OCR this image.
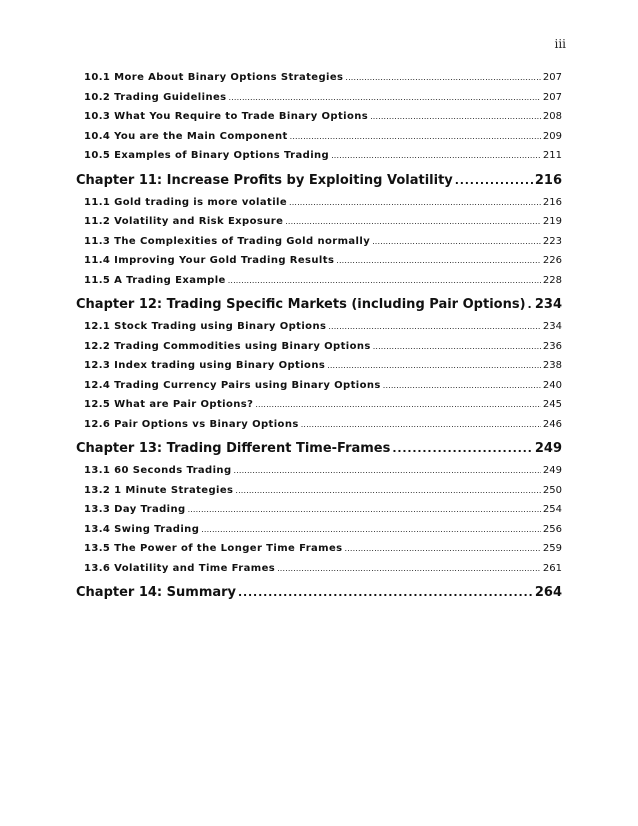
iii
10.1 More About Binary Options Strategies . . .	207
10.2 Trading Guidelines . . .	207
10.3 What You Require to Trade Binary Options . . .	208
10.4 You are the Main Component . . .	209
10.5 Examples of Binary Options Trading . . .	211
Chapter 11: Increase Profits by Exploiting Volatility . . .	216
11.1 Gold trading is more volatile . . .	216
11.2 Volatility and Risk Exposure . . .	219
11.3 The Complexities of Trading Gold normally . . .	223
11.4 Improving Your Gold Trading Results . . .	226
11.5 A Trading Example . . .	228
Chapter 12: Trading Specific Markets (including Pair Options) . . . 234
12.1 Stock Trading using Binary Options . . .	234
12.2 Trading Commodities using Binary Options . . .	236
12.3 Index trading using Binary Options . . .	238
12.4 Trading Currency Pairs using Binary Options . . .	240
12.5 What are Pair Options? . . .	245
12.6 Pair Options vs Binary Options . . .	246
Chapter 13: Trading Different Time-Frames . . .	249
13.1 60 Seconds Trading . . .	249
13.2 1 Minute Strategies . . .	250
13.3 Day Trading . . .	254
13.4 Swing Trading . . .	256
13.5 The Power of the Longer Time Frames . . .	259
13.6 Volatility and Time Frames . . .	261
Chapter 14: Summary . . .	264
